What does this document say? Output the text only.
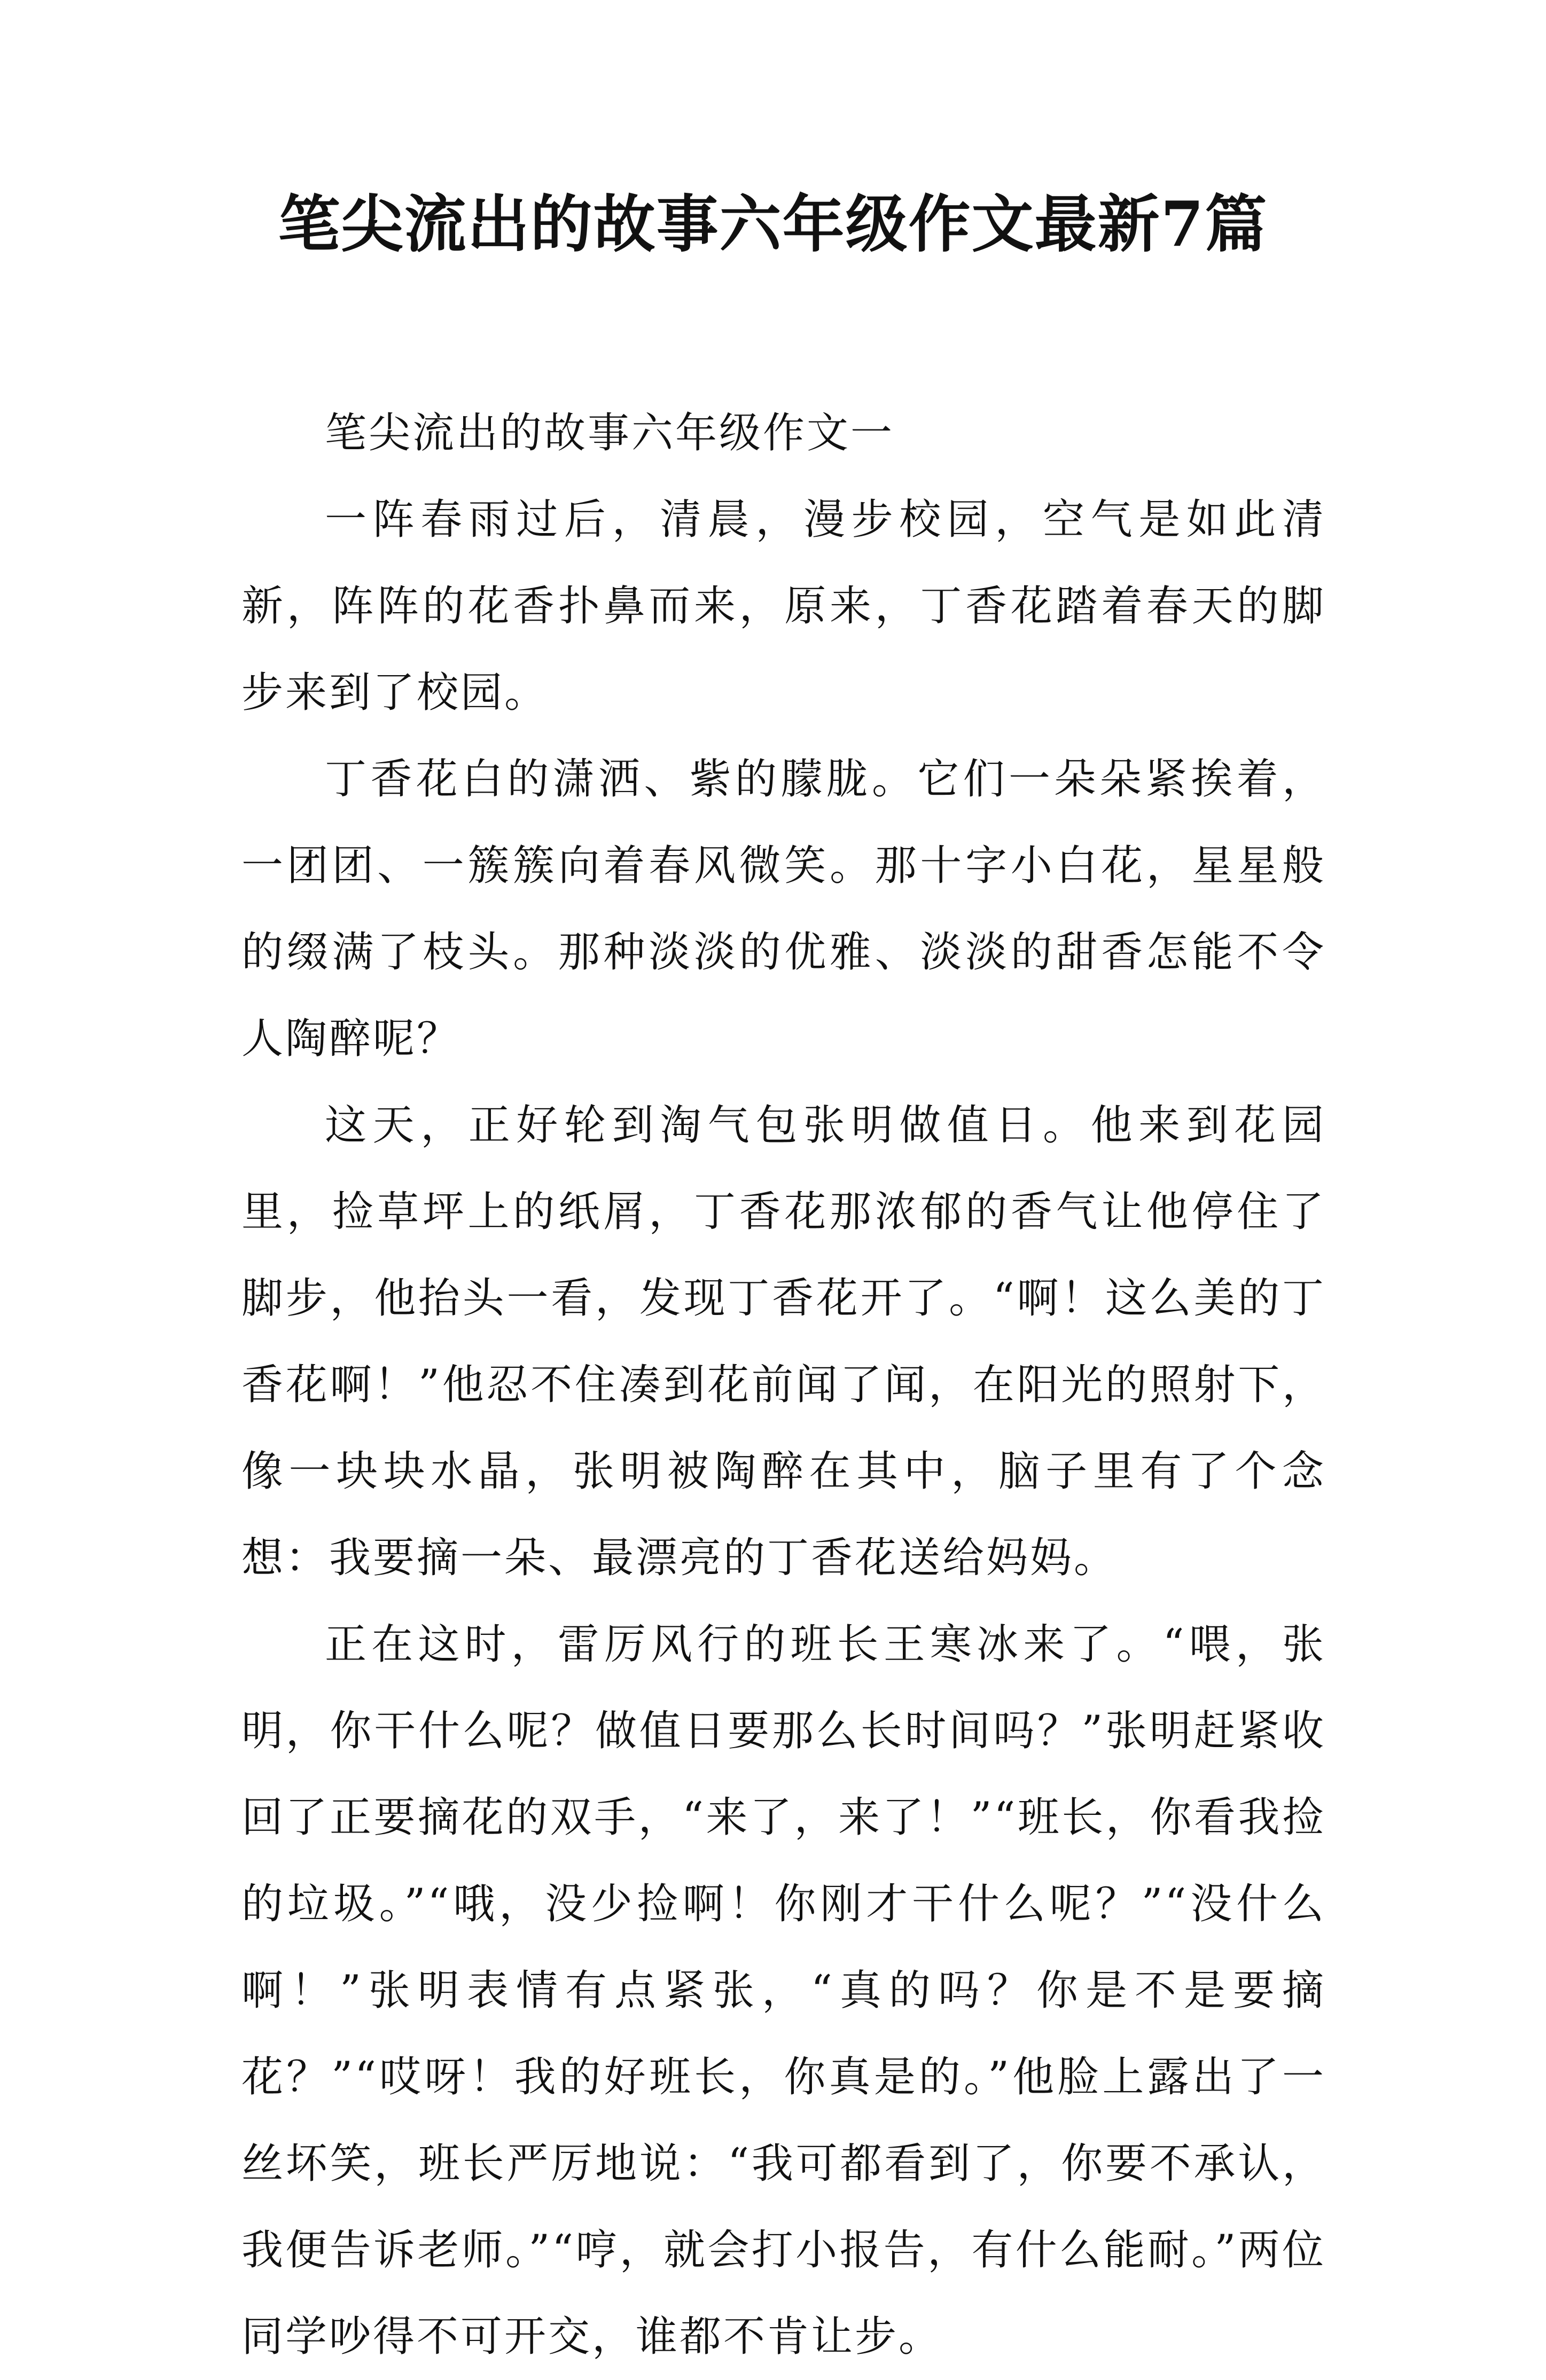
笔尖流出的故事六年级作文最新7篇

笔尖流出的故事六年级作文一

一阵春雨过后，清晨，漫步校园，空气是如此清新，阵阵的花香扑鼻而来，原来，丁香花踏着春天的脚步来到了校园。

丁香花白的潇洒、紫的朦胧。它们一朵朵紧挨着，一团团、一簇簇向着春风微笑。那十字小白花，星星般的缀满了枝头。那种淡淡的优雅、淡淡的甜香怎能不令人陶醉呢？

这天，正好轮到淘气包张明做值日。他来到花园里，捡草坪上的纸屑，丁香花那浓郁的香气让他停住了脚步，他抬头一看，发现丁香花开了。“啊！这么美的丁香花啊！”他忍不住凑到花前闻了闻，在阳光的照射下，像一块块水晶，张明被陶醉在其中，脑子里有了个念想：我要摘一朵、最漂亮的丁香花送给妈妈。

正在这时，雷厉风行的班长王寒冰来了。“喂，张明，你干什么呢？做值日要那么长时间吗？”张明赶紧收回了正要摘花的双手，“来了，来了！”“班长，你看我捡的垃圾。”“哦，没少捡啊！你刚才干什么呢？”“没什么啊！”张明表情有点紧张，“真的吗？你是不是要摘花？”“哎呀！我的好班长，你真是的。”他脸上露出了一丝坏笑，班长严厉地说：“我可都看到了，你要不承认，我便告诉老师。”“哼，就会打小报告，有什么能耐。”两位同学吵得不可开交，谁都不肯让步。
